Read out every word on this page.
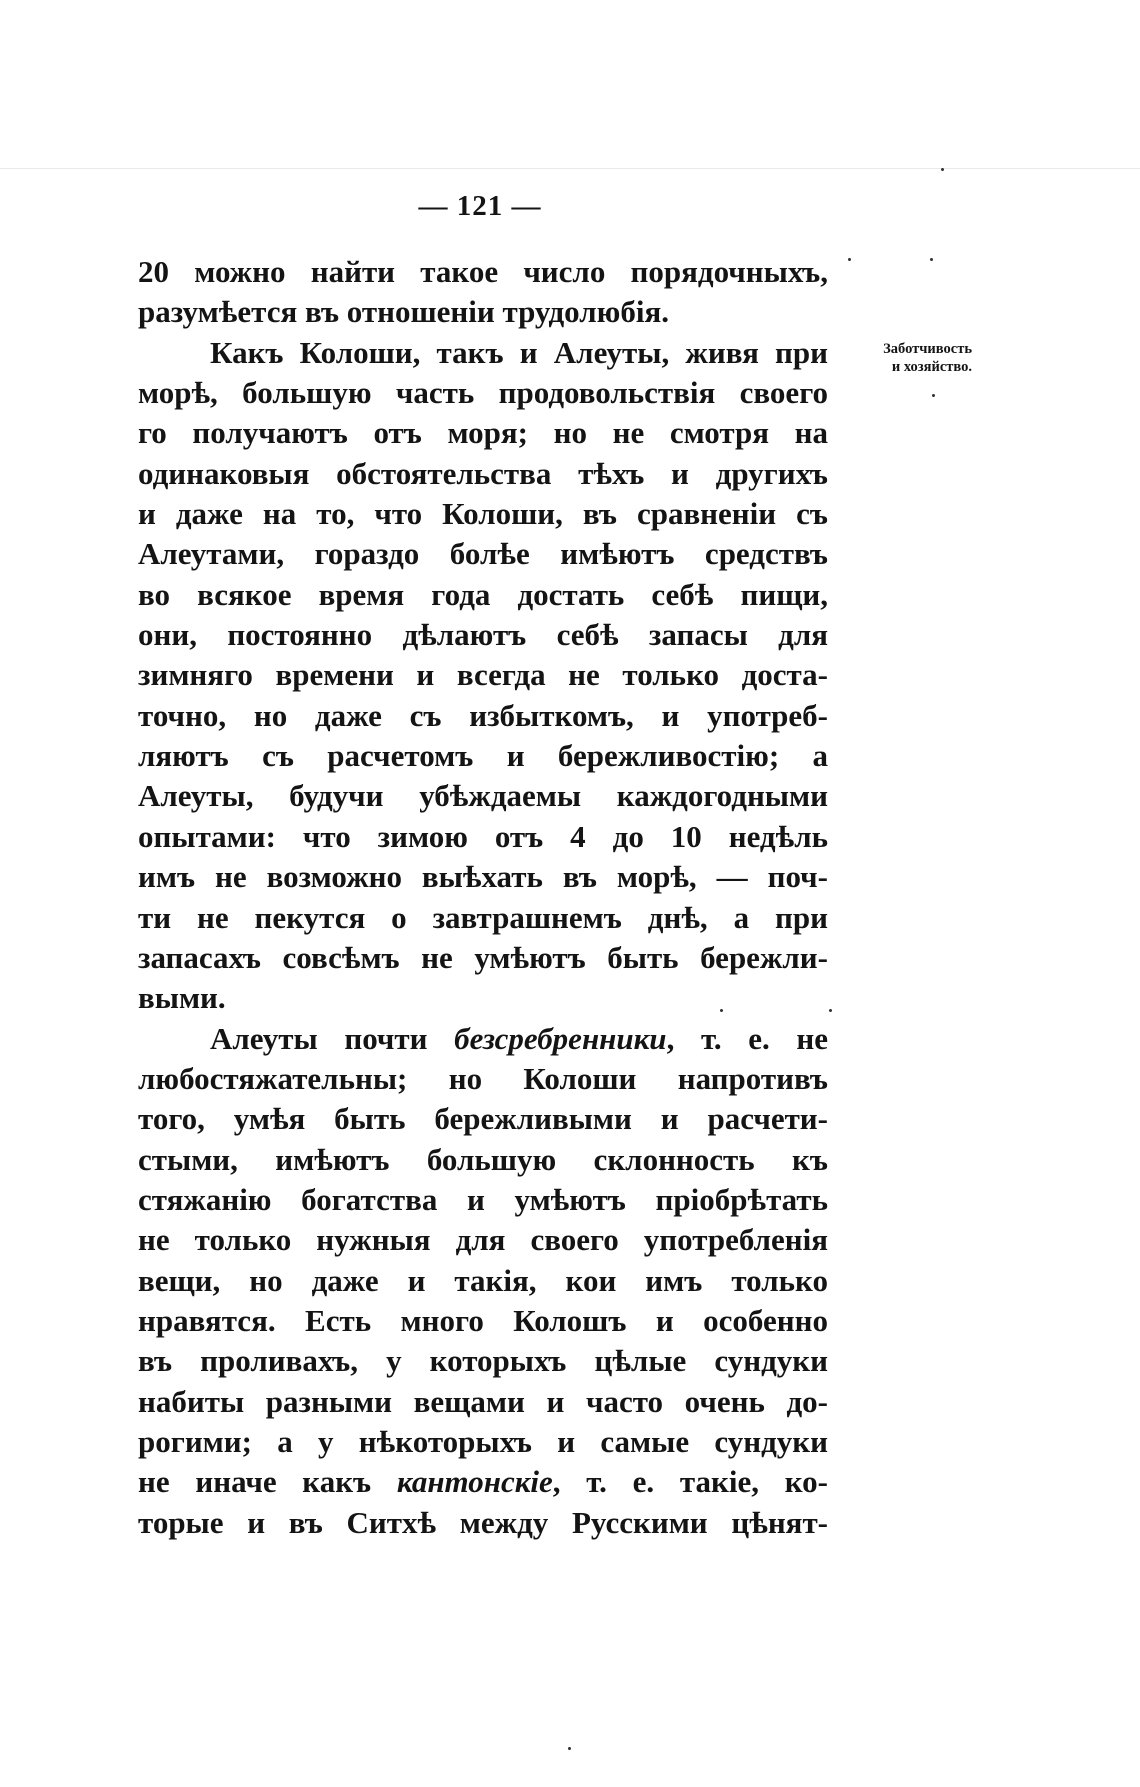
— 121 —
Заботчивость
и хозяйство.
20 можно найти такое число порядочныхъ,
разумѣется въ отношеніи трудолюбія.
Какъ Колоши, такъ и Алеуты, живя при
морѣ, большую часть продовольствія своего
го получаютъ отъ моря; но не смотря на
одинаковыя обстоятельства тѣхъ и другихъ
и даже на то, что Колоши, въ сравненіи съ
Алеутами, гораздо болѣе имѣютъ средствъ
во всякое время года достать себѣ пищи,
они, постоянно дѣлаютъ себѣ запасы для
зимняго времени и всегда не только доста-
точно, но даже съ избыткомъ, и употреб-
ляютъ съ расчетомъ и бережливостію; а
Алеуты, будучи убѣждаемы каждогодными
опытами: что зимою отъ 4 до 10 недѣль
имъ не возможно выѣхать въ морѣ, — поч-
ти не пекутся о завтрашнемъ днѣ, а при
запасахъ совсѣмъ не умѣютъ быть бережли-
выми.
Алеуты почти безсребренники, т. е. не
любостяжательны; но Колоши напротивъ
того, умѣя быть бережливыми и расчети-
стыми, имѣютъ большую склонность къ
стяжанію богатства и умѣютъ пріобрѣтать
не только нужныя для своего употребленія
вещи, но даже и такія, кои имъ только
нравятся. Есть много Колошъ и особенно
въ проливахъ, у которыхъ цѣлые сундуки
набиты разными вещами и часто очень до-
рогими; а у нѣкоторыхъ и самые сундуки
не иначе какъ кантонскіе, т. е. такіе, ко-
торые и въ Ситхѣ между Русскими цѣнят-
